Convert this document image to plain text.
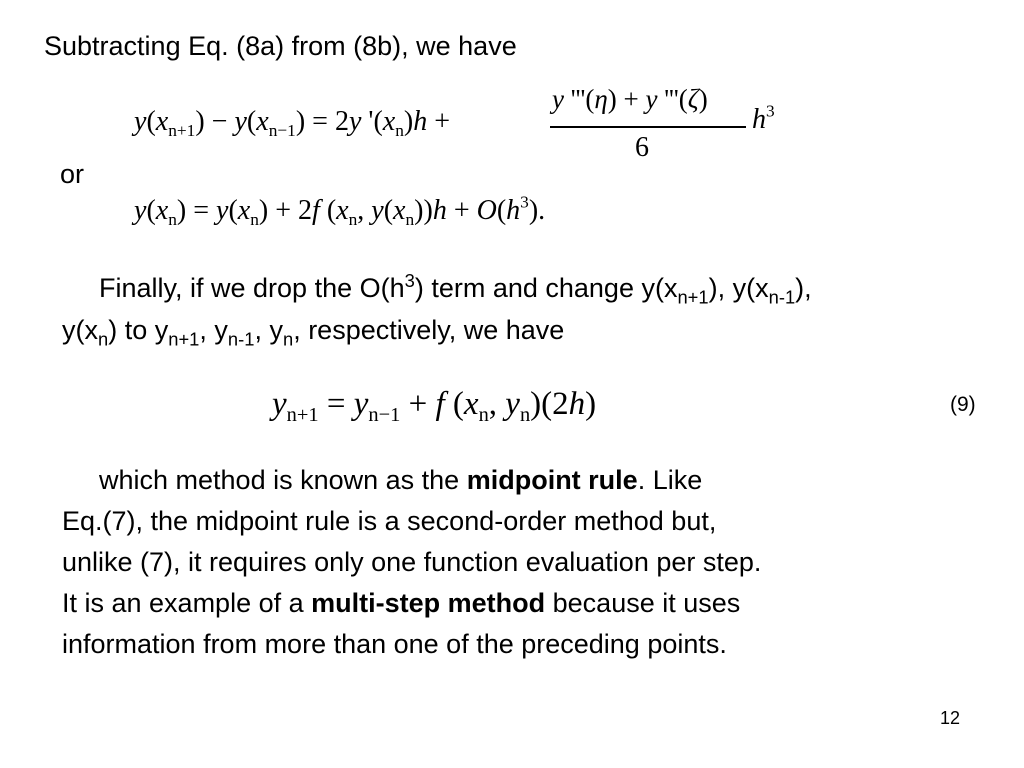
Subtracting Eq. (8a) from (8b), we have
$y(x_{n+1}) - y(x_{n-1}) = 2y$ '$(x_n)h$ +
y '''(η) + y '''(ζ)
6
$h^3$
or
$y(x_n) = y(x_n) + 2f$ ($x_n$, $y(x_n))h + O(h^3)$.
Finally, if we drop the $O(h^3)$ term and change $y(x_{n+1})$, $y(x_{n-1})$,
$y(x_n)$ to $y_{n+1}$, $y_{n-1}$, $y_n$, respectively, we have
$y_{n+1} = y_{n-1} + f$ ($x_n$, $y_n)(2h)$	(9)
which method is known as the midpoint rule. Like
Eq.(7), the midpoint rule is a second-order method but,
unlike (7), it requires only one function evaluation per step.
It is an example of a multi-step method because it uses
information from more than one of the preceding points.
12
